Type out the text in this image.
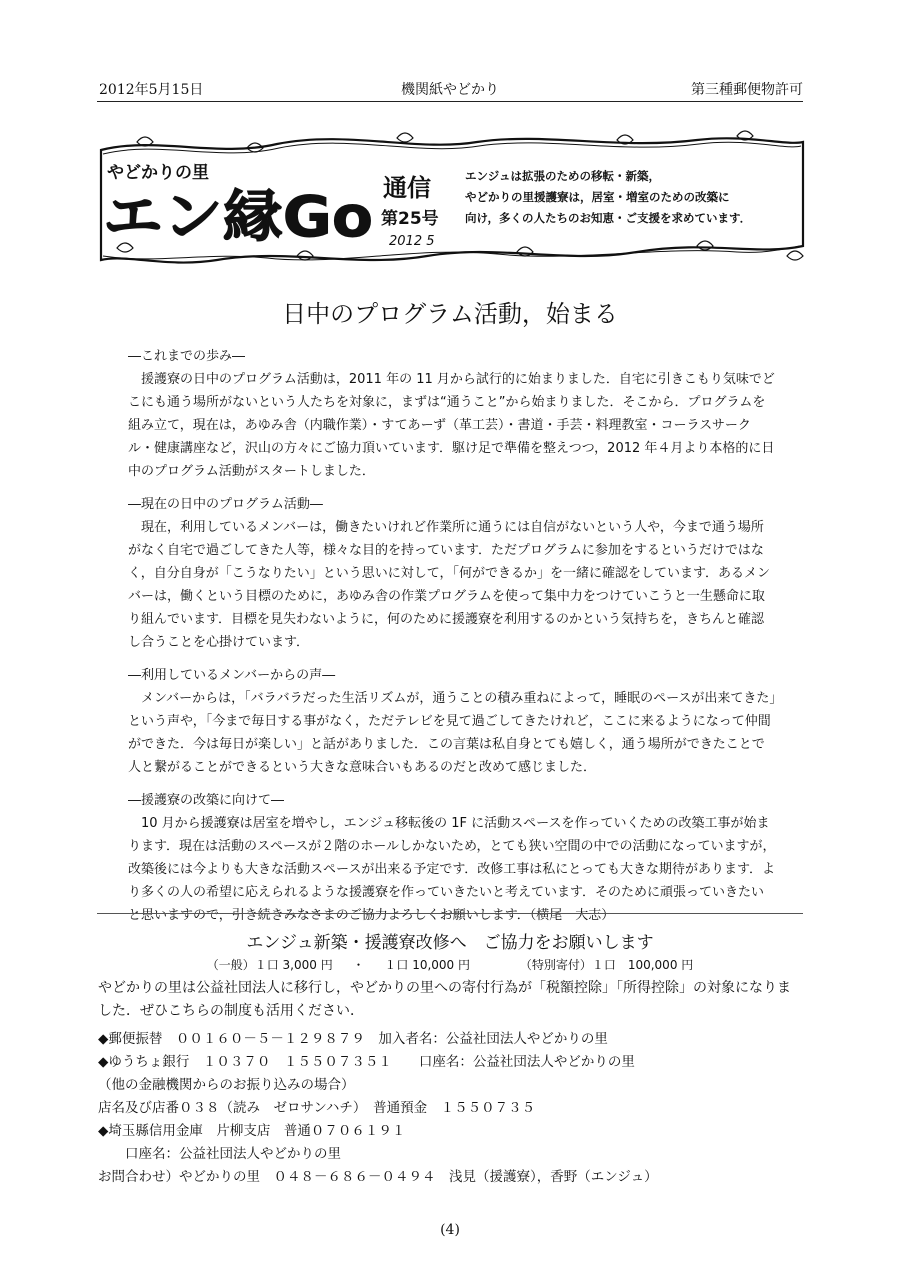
2012年5月15日	機関紙やどかり	第三種郵便物許可
やどかりの里
エン縁Go 通信
第25号
2012 5
エンジュは拡張のための移転・新築，
やどかりの里援護寮は，居室・増室のための改築に
向け，多くの人たちのお知恵・ご支援を求めています．
日中のプログラム活動，始まる

―これまでの歩み―

援護寮の日中のプログラム活動は，2011 年の 11 月から試行的に始まりました．自宅に引きこもり気味でどこにも通う場所がないという人たちを対象に，まずは“通うこと”から始まりました．そこから．プログラムを組み立て，現在は，あゆみ舎（内職作業）・すてあーず（革工芸）・書道・手芸・料理教室・コーラスサークル・健康講座など，沢山の方々にご協力頂いています．駆け足で準備を整えつつ，2012 年４月より本格的に日中のプログラム活動がスタートしました．

―現在の日中のプログラム活動―

現在，利用しているメンバーは，働きたいけれど作業所に通うには自信がないという人や，今まで通う場所がなく自宅で過ごしてきた人等，様々な目的を持っています．ただプログラムに参加をするというだけではなく，自分自身が「こうなりたい」という思いに対して，「何ができるか」を一緒に確認をしています．あるメンバーは，働くという目標のために，あゆみ舎の作業プログラムを使って集中力をつけていこうと一生懸命に取り組んでいます．目標を見失わないように，何のために援護寮を利用するのかという気持ちを，きちんと確認し合うことを心掛けています．

―利用しているメンバーからの声―

メンバーからは，「バラバラだった生活リズムが，通うことの積み重ねによって，睡眠のペースが出来てきた」という声や，「今まで毎日する事がなく，ただテレビを見て過ごしてきたけれど，ここに来るようになって仲間ができた．今は毎日が楽しい」と話がありました．この言葉は私自身とても嬉しく，通う場所ができたことで人と繋がることができるという大きな意味合いもあるのだと改めて感じました．

―援護寮の改築に向けて―

10 月から援護寮は居室を増やし，エンジュ移転後の 1F に活動スペースを作っていくための改築工事が始まります．現在は活動のスペースが２階のホールしかないため，とても狭い空間の中での活動になっていますが，改築後には今よりも大きな活動スペースが出来る予定です．改修工事は私にとっても大きな期待があります．より多くの人の希望に応えられるような援護寮を作っていきたいと考えています．そのために頑張っていきたいと思いますので，引き続きみなさまのご協力よろしくお願いします．（横尾　大志）

エンジュ新築・援護寮改修へ　ご協力をお願いします
（一般）１口 3,000 円 ・ １口 10,000 円	（特別寄付）１口　100,000 円
やどかりの里は公益社団法人に移行し，やどかりの里への寄付行為が「税額控除」「所得控除」の対象になりました．ぜひこちらの制度も活用ください．
◆郵便振替　００１６０－５－１２９８７９　加入者名：公益社団法人やどかりの里
◆ゆうちょ銀行　１０３７０　１５５０７３５１　　口座名：公益社団法人やどかりの里
（他の金融機関からのお振り込みの場合）
店名及び店番０３８（読み　ゼロサンハチ）　普通預金　１５５０７３５
◆埼玉縣信用金庫　片柳支店　普通０７０６１９１
　　口座名：公益社団法人やどかりの里
お問合わせ）やどかりの里　０４８－６８６－０４９４　浅見（援護寮），香野（エンジュ）
(4)
